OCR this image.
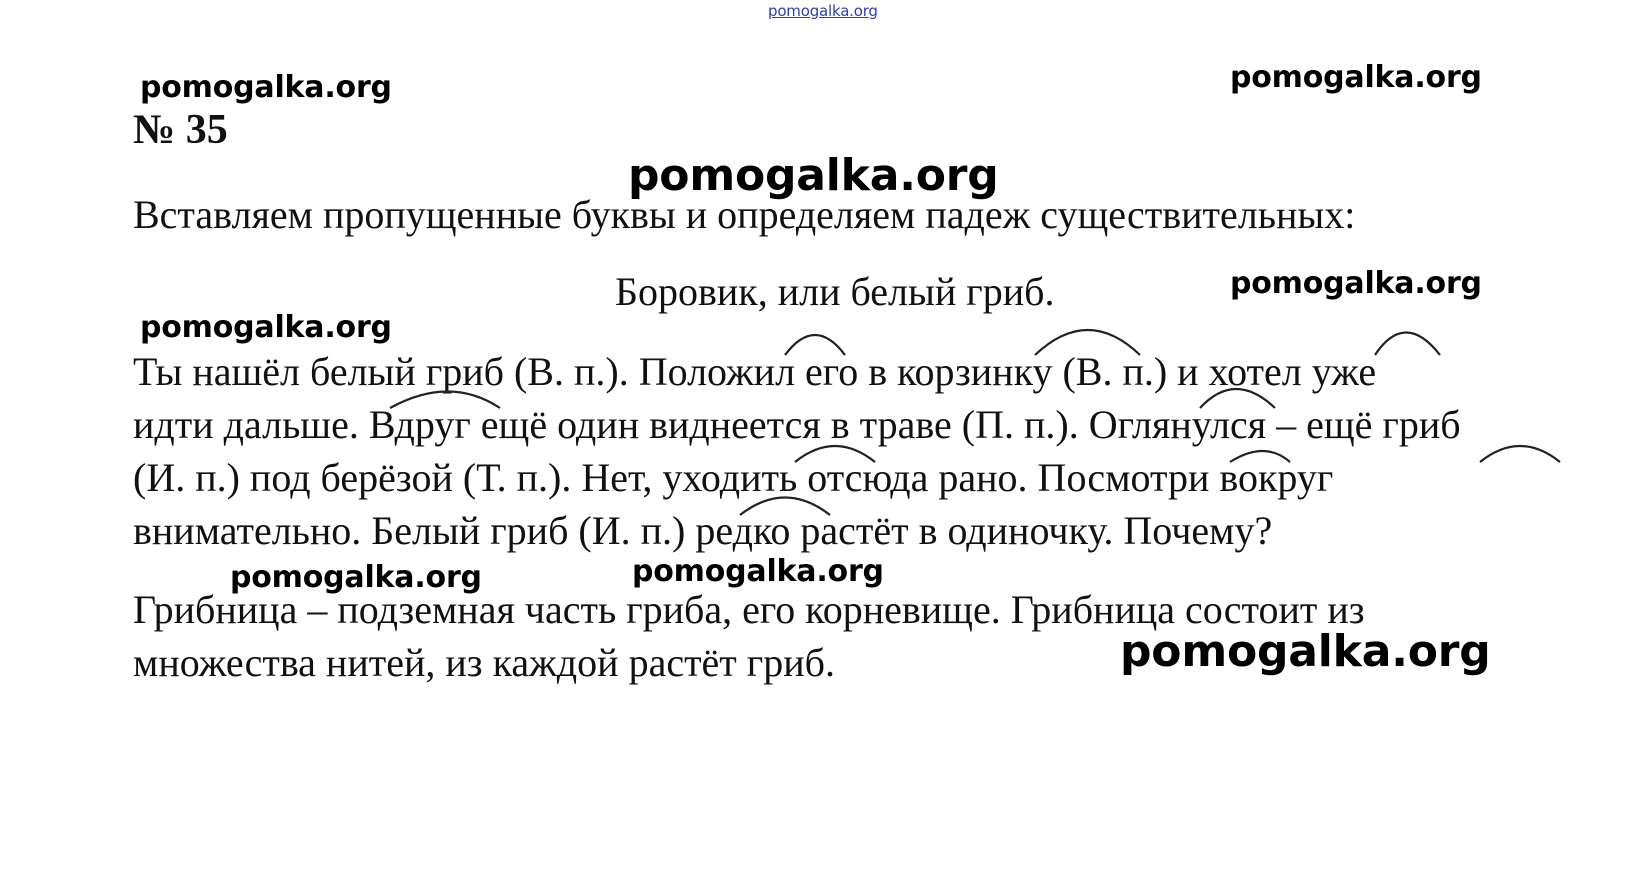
pomogalka.org
pomogalka.org	pomogalka.org
pomogalka.org
pomogalka.org
pomogalka.org
pomogalka.org	pomogalka.org
pomogalka.org
№ 35
Вставляем пропущенные буквы и определяем падеж существительных:
Боровик, или белый гриб.
Ты нашёл белый гриб (В. п.). Положил его в корзинку (В. п.) и хотел уже
идти дальше. Вдруг ещё один виднеется в траве (П. п.). Оглянулся – ещё гриб
(И. п.) под берёзой (Т. п.). Нет, уходить отсюда рано. Посмотри вокруг
внимательно. Белый гриб (И. п.) редко растёт в одиночку. Почему?
Грибница – подземная часть гриба, его корневище. Грибница состоит из
множества нитей, из каждой растёт гриб.
